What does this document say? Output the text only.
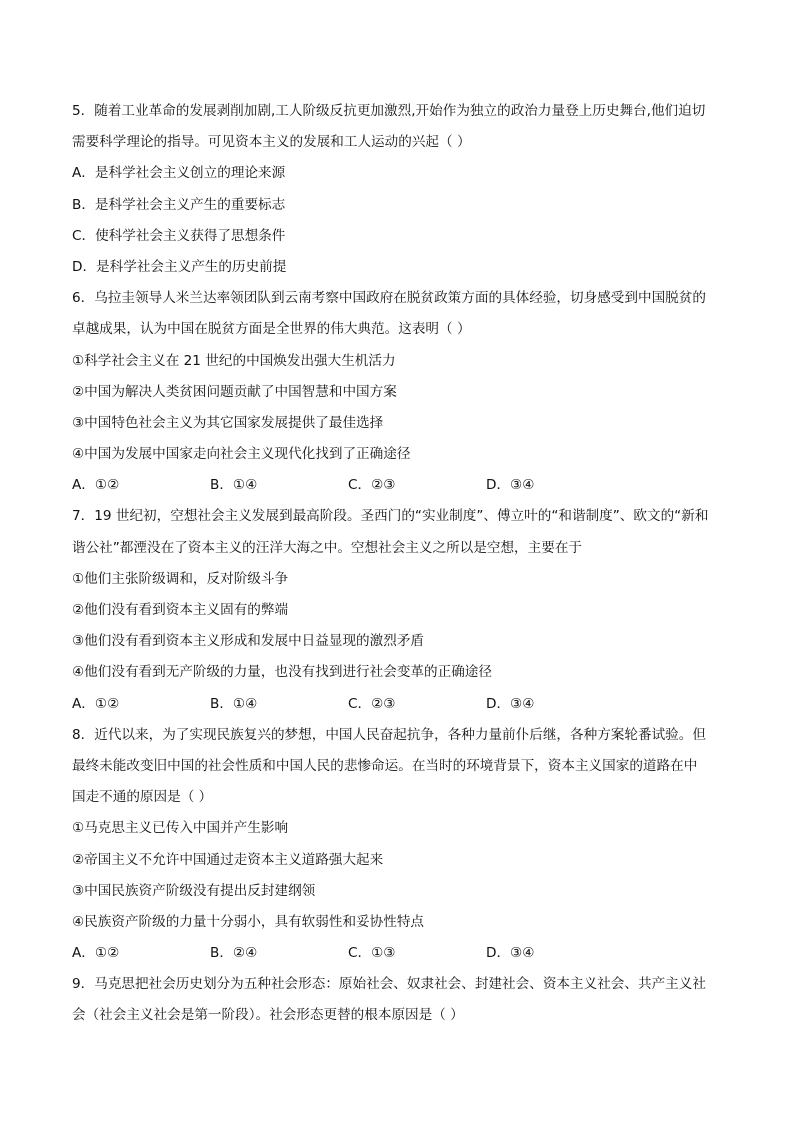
5．随着工业革命的发展剥削加剧,工人阶级反抗更加激烈,开始作为独立的政治力量登上历史舞台,他们迫切
需要科学理论的指导。可见资本主义的发展和工人运动的兴起（ ）
A．是科学社会主义创立的理论来源
B．是科学社会主义产生的重要标志
C．使科学社会主义获得了思想条件
D．是科学社会主义产生的历史前提
6．乌拉圭领导人米兰达率领团队到云南考察中国政府在脱贫政策方面的具体经验，切身感受到中国脱贫的
卓越成果，认为中国在脱贫方面是全世界的伟大典范。这表明（ ）
①科学社会主义在 21 世纪的中国焕发出强大生机活力
②中国为解决人类贫困问题贡献了中国智慧和中国方案
③中国特色社会主义为其它国家发展提供了最佳选择
④中国为发展中国家走向社会主义现代化找到了正确途径
A．①②	B．①④	C．②③	D．③④
7．19 世纪初，空想社会主义发展到最高阶段。圣西门的“实业制度”、傅立叶的“和谐制度”、欧文的“新和
谐公社”都湮没在了资本主义的汪洋大海之中。空想社会主义之所以是空想，主要在于
①他们主张阶级调和，反对阶级斗争
②他们没有看到资本主义固有的弊端
③他们没有看到资本主义形成和发展中日益显现的激烈矛盾
④他们没有看到无产阶级的力量，也没有找到进行社会变革的正确途径
A．①②	B．①④	C．②③	D．③④
8．近代以来，为了实现民族复兴的梦想，中国人民奋起抗争，各种力量前仆后继，各种方案轮番试验。但
最终未能改变旧中国的社会性质和中国人民的悲惨命运。在当时的环境背景下，资本主义国家的道路在中
国走不通的原因是（ ）
①马克思主义已传入中国并产生影响
②帝国主义不允许中国通过走资本主义道路强大起来
③中国民族资产阶级没有提出反封建纲领
④民族资产阶级的力量十分弱小，具有软弱性和妥协性特点
A．①②	B．②④	C．①③	D．③④
9．马克思把社会历史划分为五种社会形态：原始社会、奴隶社会、封建社会、资本主义社会、共产主义社
会（社会主义社会是第一阶段）。社会形态更替的根本原因是（ ）
